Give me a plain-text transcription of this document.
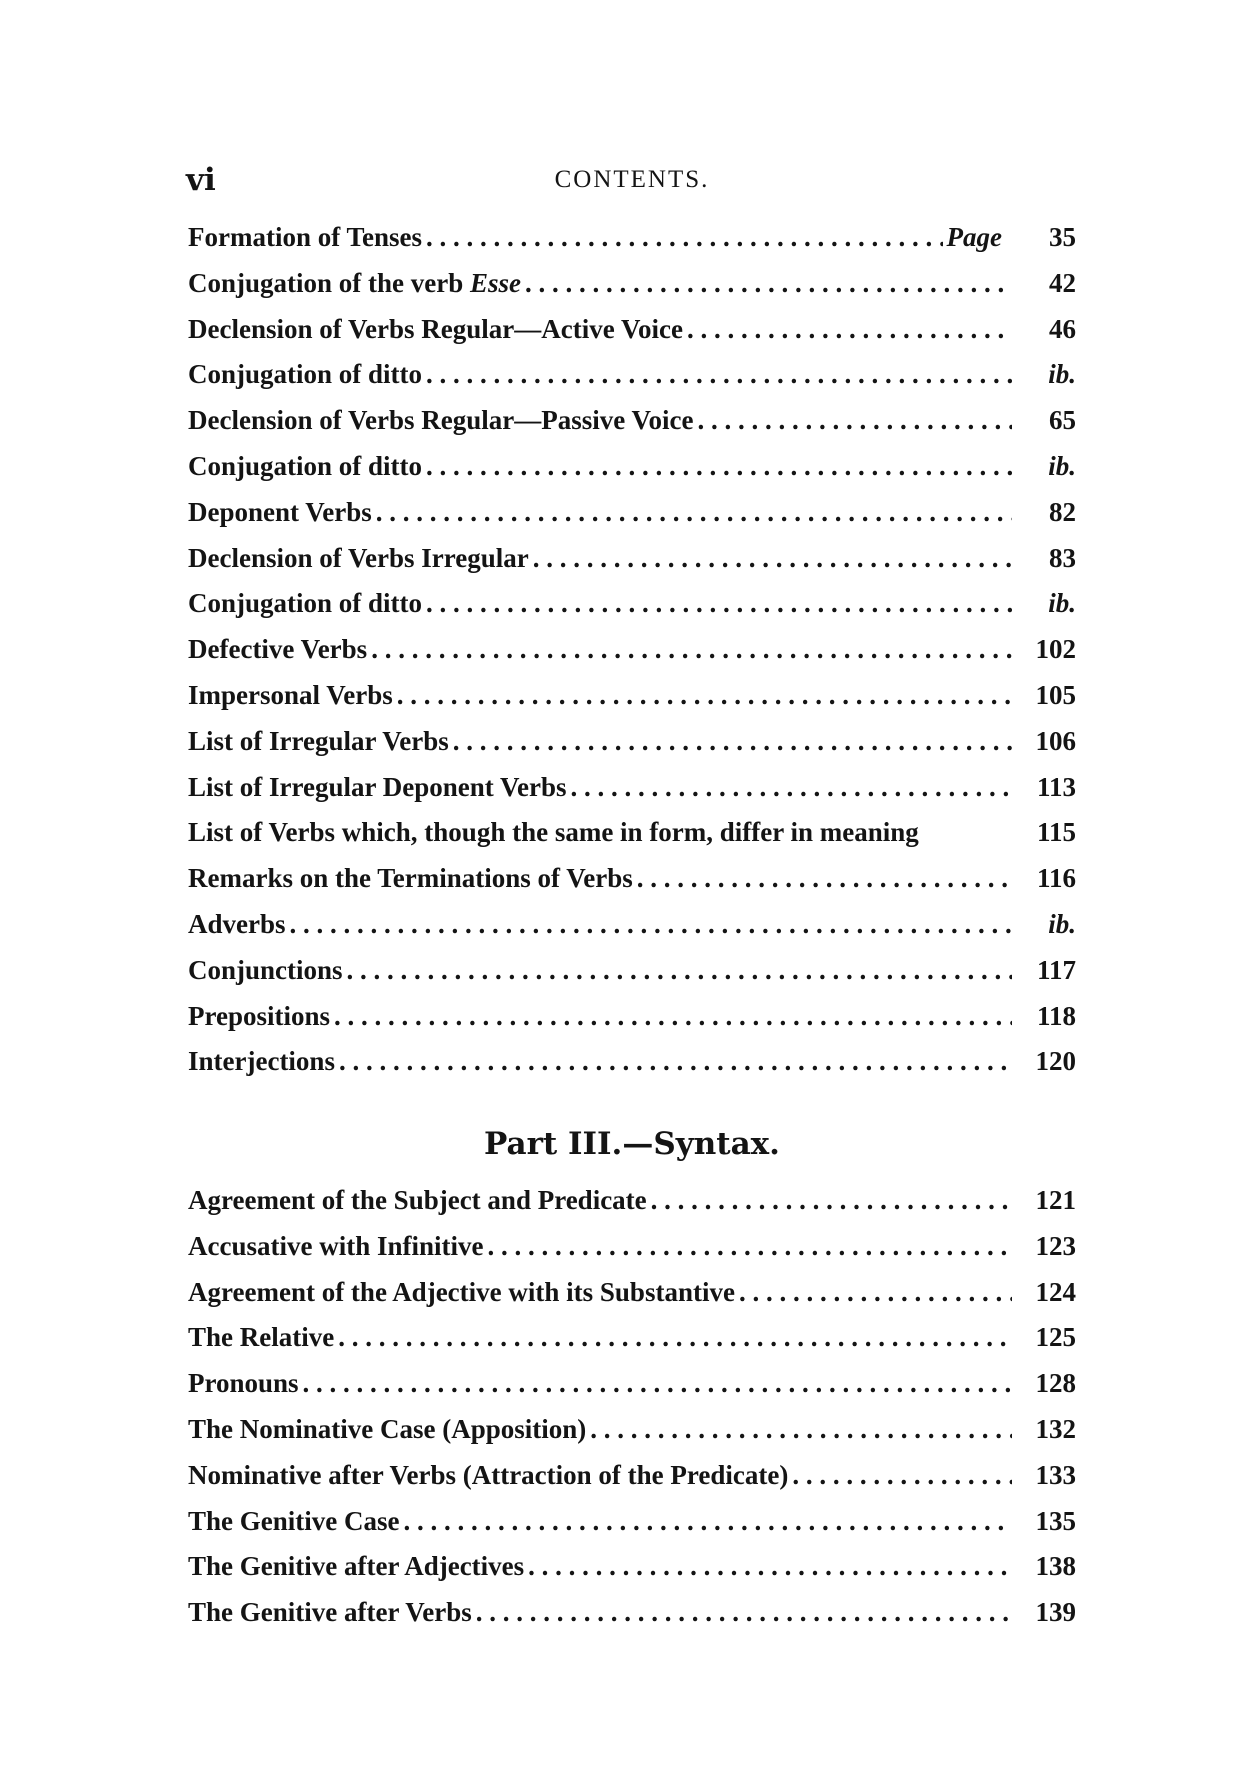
vi	CONTENTS.
Formation of Tenses . . .	Page	35
Conjugation of the verb Esse . . .	42
Declension of Verbs Regular—Active Voice . . .	46
Conjugation of ditto . . .	ib.
Declension of Verbs Regular—Passive Voice . . .	65
Conjugation of ditto . . .	ib.
Deponent Verbs . . .	82
Declension of Verbs Irregular . . .	83
Conjugation of ditto . . .	ib.
Defective Verbs . . .	102
Impersonal Verbs . . .	105
List of Irregular Verbs . . .	106
List of Irregular Deponent Verbs . . .	113
List of Verbs which, though the same in form, differ in meaning	115
Remarks on the Terminations of Verbs . . .	116
Adverbs . . .	ib.
Conjunctions . . .	117
Prepositions . . .	118
Interjections . . .	120
Part III.—Syntax.
Agreement of the Subject and Predicate . . .	121
Accusative with Infinitive . . .	123
Agreement of the Adjective with its Substantive . . .	124
The Relative . . .	125
Pronouns . . .	128
The Nominative Case (Apposition) . . .	132
Nominative after Verbs (Attraction of the Predicate) . . .	133
The Genitive Case . . .	135
The Genitive after Adjectives . . .	138
The Genitive after Verbs . . .	139
